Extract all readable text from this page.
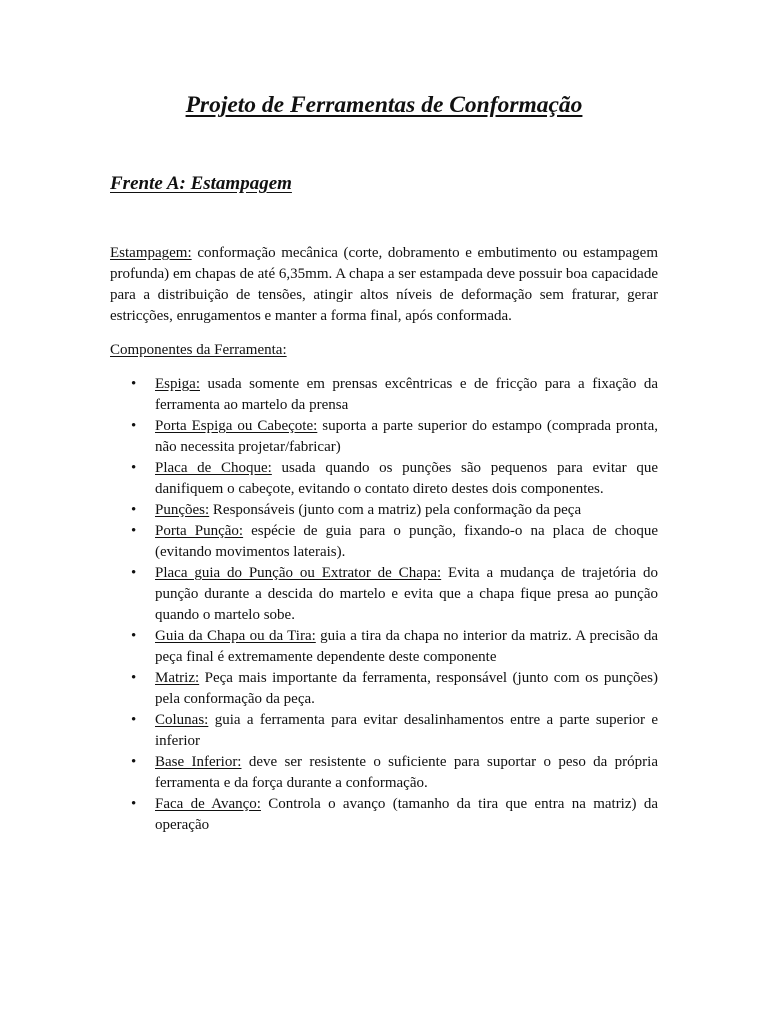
Projeto de Ferramentas de Conformação
Frente A: Estampagem

Estampagem: conformação mecânica (corte, dobramento e embutimento ou estampagem profunda) em chapas de até 6,35mm. A chapa a ser estampada deve possuir boa capacidade para a distribuição de tensões, atingir altos níveis de deformação sem fraturar, gerar estricções, enrugamentos e manter a forma final, após conformada.

Componentes da Ferramenta:

• Espiga: usada somente em prensas excêntricas e de fricção para a fixação da ferramenta ao martelo da prensa
• Porta Espiga ou Cabeçote: suporta a parte superior do estampo (comprada pronta, não necessita projetar/fabricar)
• Placa de Choque: usada quando os punções são pequenos para evitar que danifiquem o cabeçote, evitando o contato direto destes dois componentes.
• Punções: Responsáveis (junto com a matriz) pela conformação da peça
• Porta Punção: espécie de guia para o punção, fixando-o na placa de choque (evitando movimentos laterais).
• Placa guia do Punção ou Extrator de Chapa: Evita a mudança de trajetória do punção durante a descida do martelo e evita que a chapa fique presa ao punção quando o martelo sobe.
• Guia da Chapa ou da Tira: guia a tira da chapa no interior da matriz. A precisão da peça final é extremamente dependente deste componente
• Matriz: Peça mais importante da ferramenta, responsável (junto com os punções) pela conformação da peça.
• Colunas: guia a ferramenta para evitar desalinhamentos entre a parte superior e inferior
• Base Inferior: deve ser resistente o suficiente para suportar o peso da própria ferramenta e da força durante a conformação.
• Faca de Avanço: Controla o avanço (tamanho da tira que entra na matriz) da operação
